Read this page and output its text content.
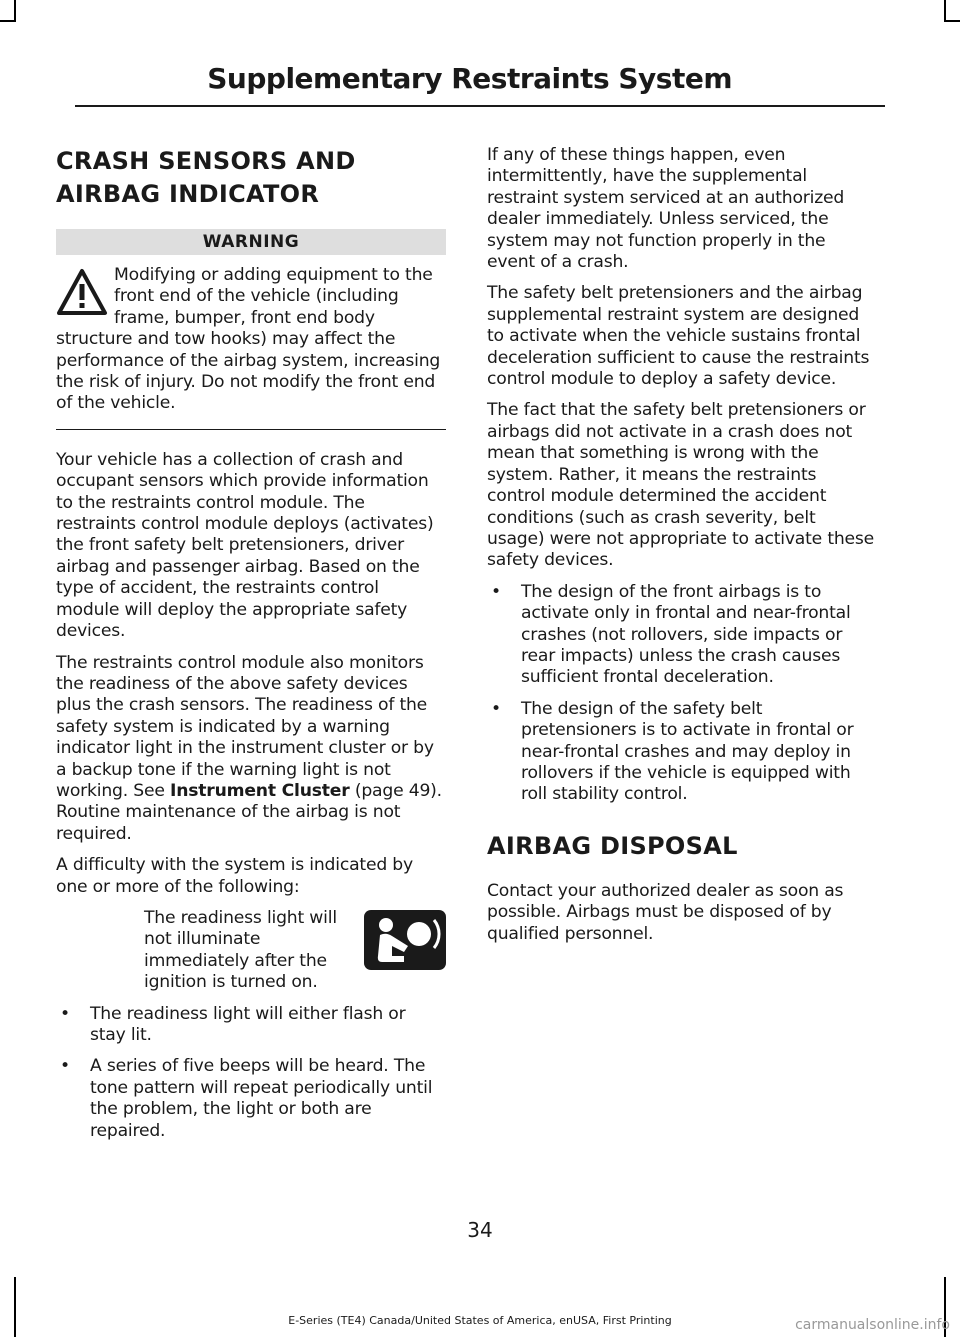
Supplementary Restraints System
CRASH SENSORS AND AIRBAG INDICATOR
WARNING

Modifying or adding equipment to the front end of the vehicle (including frame, bumper, front end body structure and tow hooks) may affect the performance of the airbag system, increasing the risk of injury. Do not modify the front end of the vehicle.

Your vehicle has a collection of crash and occupant sensors which provide information to the restraints control module. The restraints control module deploys (activates) the front safety belt pretensioners, driver airbag and passenger airbag. Based on the type of accident, the restraints control module will deploy the appropriate safety devices.

The restraints control module also monitors the readiness of the above safety devices plus the crash sensors. The readiness of the safety system is indicated by a warning indicator light in the instrument cluster or by a backup tone if the warning light is not working. See Instrument Cluster (page 49). Routine maintenance of the airbag is not required.

A difficulty with the system is indicated by one or more of the following:

The readiness light will not illuminate immediately after the ignition is turned on.

• The readiness light will either flash or stay lit.
• A series of five beeps will be heard. The tone pattern will repeat periodically until the problem, the light or both are repaired.

If any of these things happen, even intermittently, have the supplemental restraint system serviced at an authorized dealer immediately. Unless serviced, the system may not function properly in the event of a crash.

The safety belt pretensioners and the airbag supplemental restraint system are designed to activate when the vehicle sustains frontal deceleration sufficient to cause the restraints control module to deploy a safety device.

The fact that the safety belt pretensioners or airbags did not activate in a crash does not mean that something is wrong with the system. Rather, it means the restraints control module determined the accident conditions (such as crash severity, belt usage) were not appropriate to activate these safety devices.

• The design of the front airbags is to activate only in frontal and near-frontal crashes (not rollovers, side impacts or rear impacts) unless the crash causes sufficient frontal deceleration.
• The design of the safety belt pretensioners is to activate in frontal or near-frontal crashes and may deploy in rollovers if the vehicle is equipped with roll stability control.
AIRBAG DISPOSAL

Contact your authorized dealer as soon as possible. Airbags must be disposed of by qualified personnel.

34
E-Series (TE4) Canada/United States of America, enUSA, First Printing	carmanualsonline.info
